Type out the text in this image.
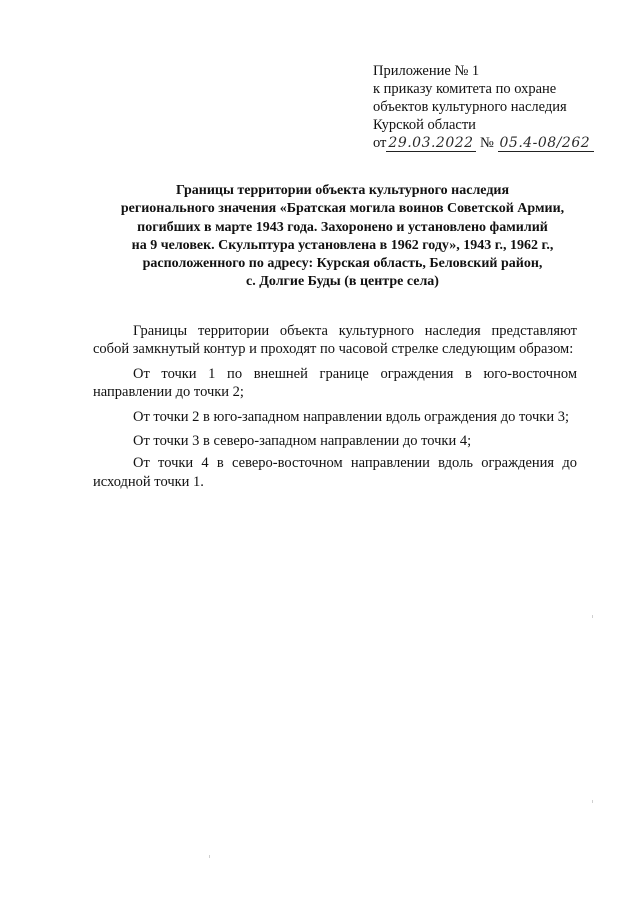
Приложение № 1
к приказу комитета по охране
объектов культурного наследия
Курской области
от 29.03.2022 № 05.4-08/262
Границы территории объекта культурного наследия
регионального значения «Братская могила воинов Советской Армии,
погибших в марте 1943 года. Захоронено и установлено фамилий
на 9 человек. Скульптура установлена в 1962 году», 1943 г., 1962 г.,
расположенного по адресу: Курская область, Беловский район,
с. Долгие Буды (в центре села)

Границы территории объекта культурного наследия представляют собой замкнутый контур и проходят по часовой стрелке следующим образом:

От точки 1 по внешней границе ограждения в юго-восточном направлении до точки 2;

От точки 2 в юго-западном направлении вдоль ограждения до точки 3;

От точки 3 в северо-западном направлении до точки 4;

От точки 4 в северо-восточном направлении вдоль ограждения до исходной точки 1.
